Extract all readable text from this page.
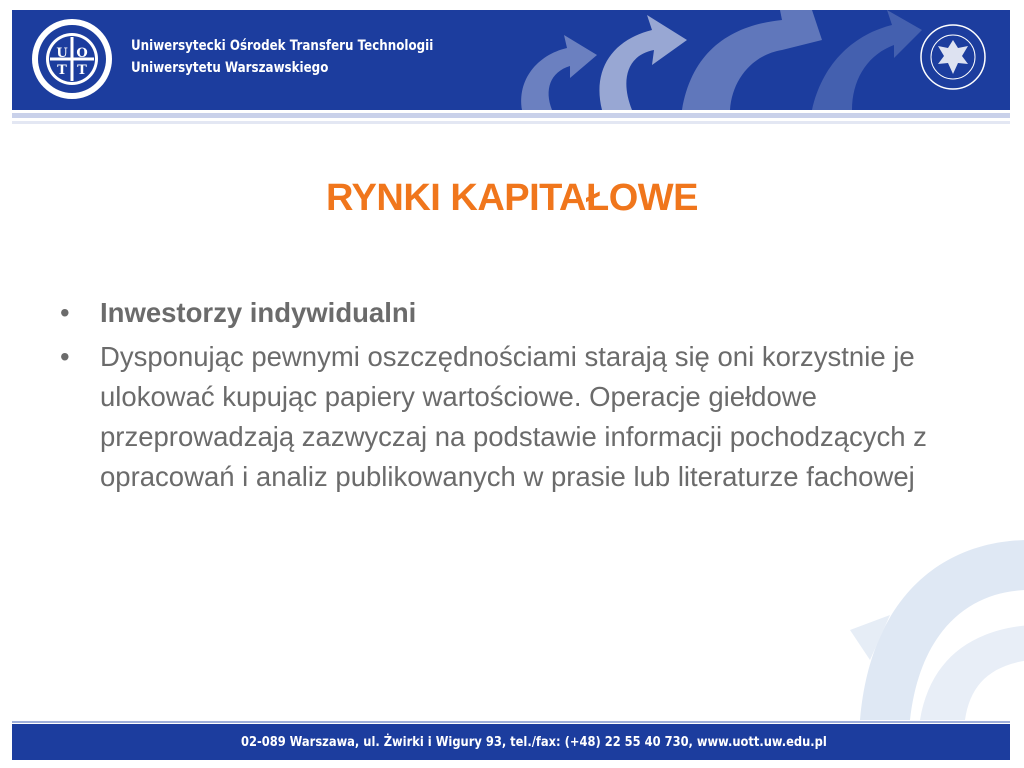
U O
T T
Uniwersytecki Ośrodek Transferu Technologii
Uniwersytetu Warszawskiego
RYNKI KAPITAŁOWE
• Inwestorzy indywidualni
• Dysponując pewnymi oszczędnościami starają się oni korzystnie je ulokować kupując papiery wartościowe. Operacje giełdowe przeprowadzają zazwyczaj na podstawie informacji pochodzących z opracowań i analiz publikowanych w prasie lub literaturze fachowej
02-089 Warszawa, ul. Żwirki i Wigury 93, tel./fax: (+48) 22 55 40 730, www.uott.uw.edu.pl
